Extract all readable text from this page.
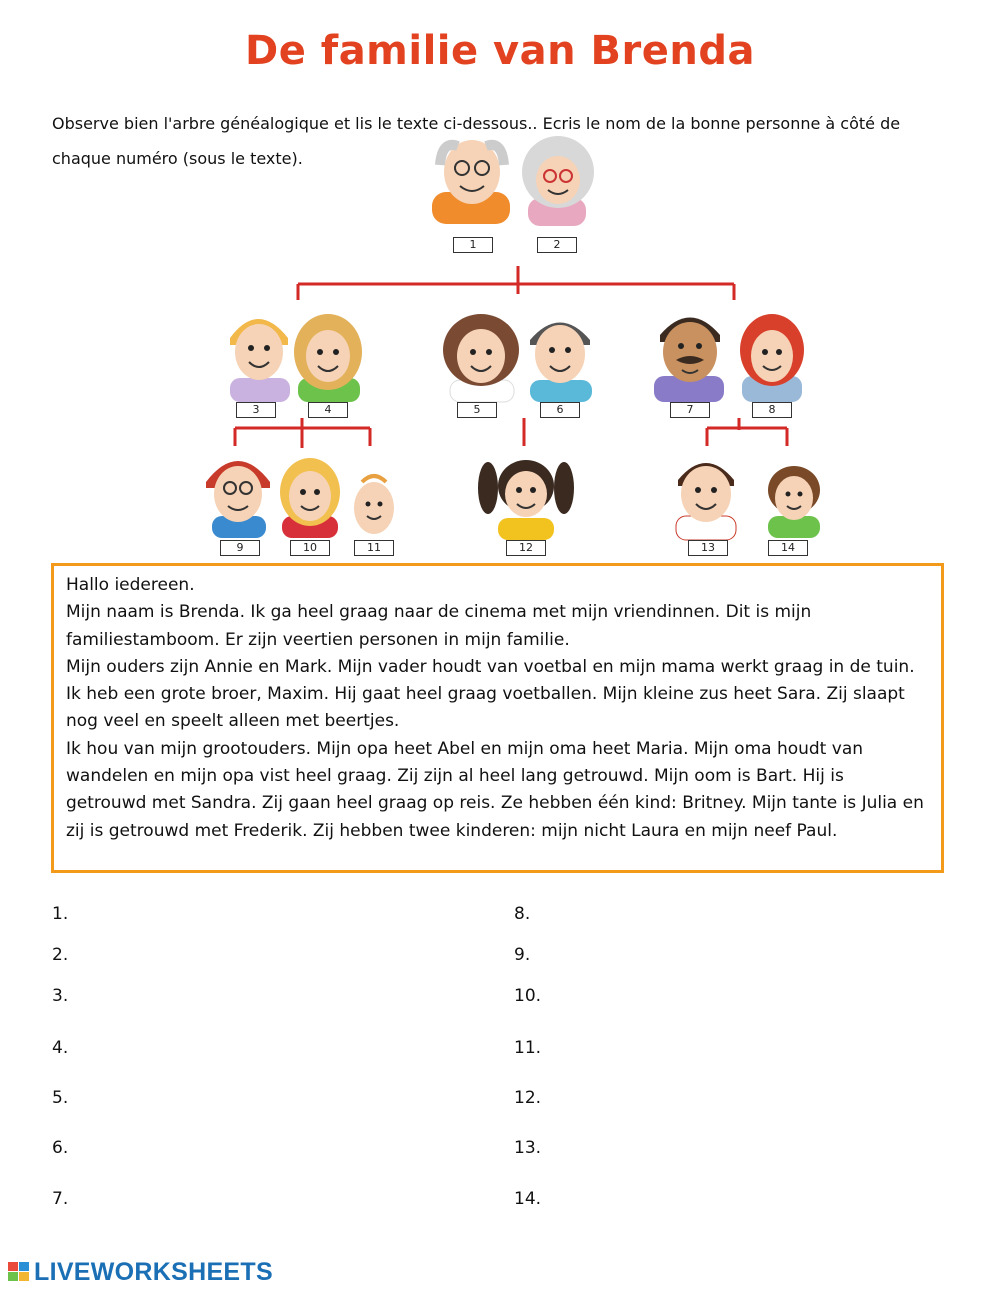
De familie van Brenda
Observe bien l'arbre généalogique et lis le texte ci-dessous.. Ecris le nom de la bonne personne à côté de chaque numéro (sous le texte).
1	2
3	4	5	6	7	8
9	10	11	12	13	14

Hallo iedereen.

Mijn naam is Brenda. Ik ga heel graag naar de cinema met mijn vriendinnen. Dit is mijn familiestamboom. Er zijn veertien personen in mijn familie.

Mijn ouders zijn Annie en Mark. Mijn vader houdt van voetbal en mijn mama werkt graag in de tuin. Ik heb een grote broer, Maxim. Hij gaat heel graag voetballen. Mijn kleine zus heet Sara. Zij slaapt nog veel en speelt alleen met beertjes.

Ik hou van mijn grootouders. Mijn opa heet Abel en mijn oma heet Maria. Mijn oma houdt van wandelen en mijn opa vist heel graag. Zij zijn al heel lang getrouwd. Mijn oom is Bart. Hij is getrouwd met Sandra. Zij gaan heel graag op reis. Ze hebben één kind: Britney. Mijn tante is Julia en zij is getrouwd met Frederik. Zij hebben twee kinderen: mijn nicht Laura en mijn neef Paul.

1.
2.
3.
4.
5.
6.
7.
8.
9.
10.
11.
12.
13.
14.
LIVEWORKSHEETS
